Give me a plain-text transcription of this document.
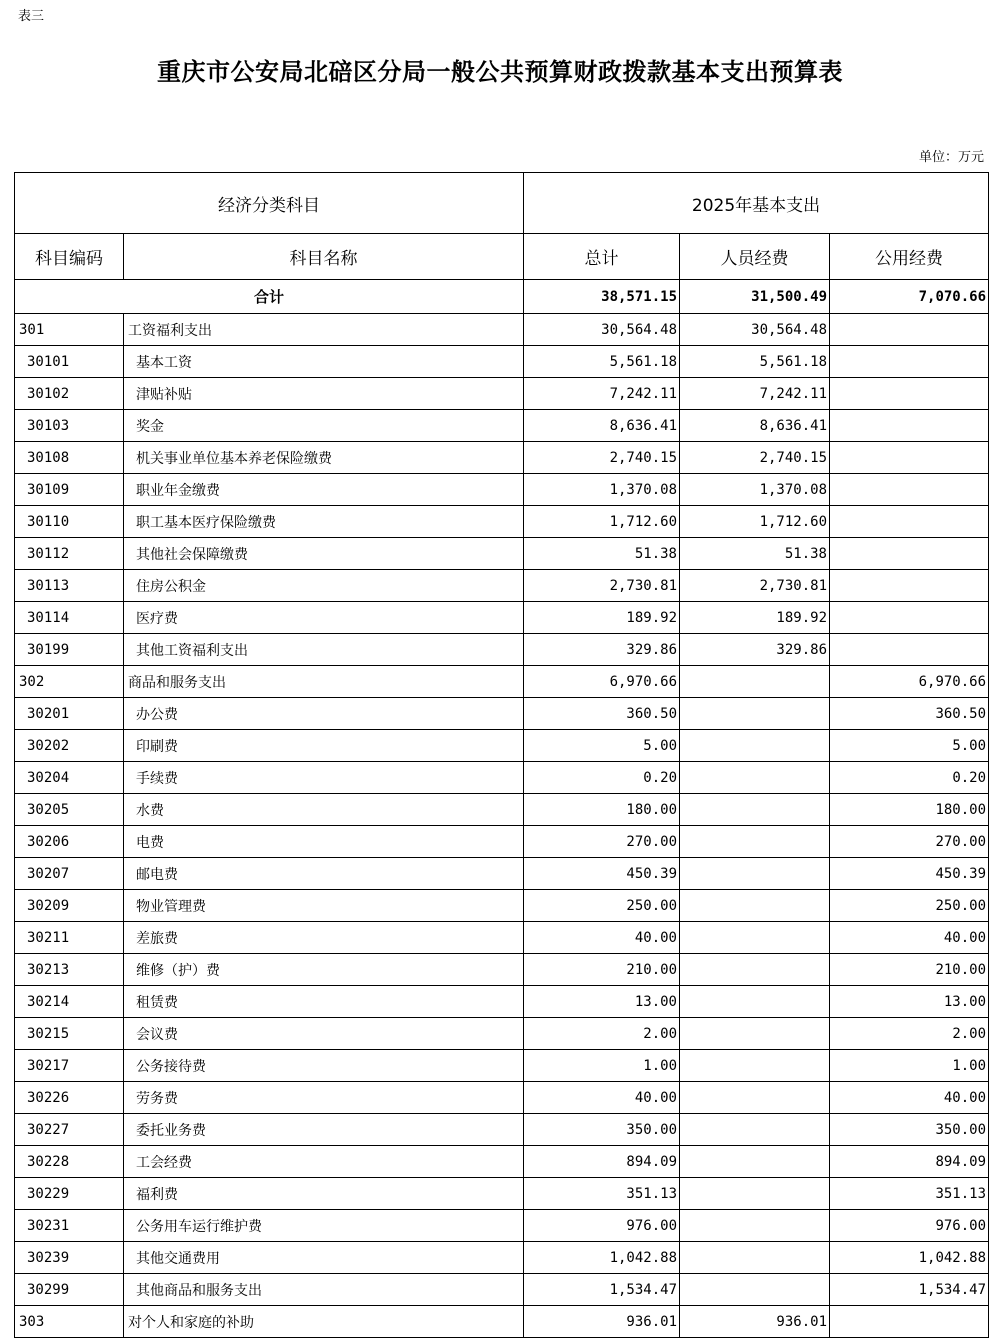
表三
重庆市公安局北碚区分局一般公共预算财政拨款基本支出预算表
单位：万元
经济分类科目		2025年基本支出		
科目编码	科目名称	总计	人员经费	公用经费
合计		38,571.15	31,500.49	7,070.66
301	工资福利支出	30,564.48	30,564.48	
30101	基本工资	5,561.18	5,561.18	
30102	津贴补贴	7,242.11	7,242.11	
30103	奖金	8,636.41	8,636.41	
30108	机关事业单位基本养老保险缴费	2,740.15	2,740.15	
30109	职业年金缴费	1,370.08	1,370.08	
30110	职工基本医疗保险缴费	1,712.60	1,712.60	
30112	其他社会保障缴费	51.38	51.38	
30113	住房公积金	2,730.81	2,730.81	
30114	医疗费	189.92	189.92	
30199	其他工资福利支出	329.86	329.86	
302	商品和服务支出	6,970.66		6,970.66
30201	办公费	360.50		360.50
30202	印刷费	5.00		5.00
30204	手续费	0.20		0.20
30205	水费	180.00		180.00
30206	电费	270.00		270.00
30207	邮电费	450.39		450.39
30209	物业管理费	250.00		250.00
30211	差旅费	40.00		40.00
30213	维修（护）费	210.00		210.00
30214	租赁费	13.00		13.00
30215	会议费	2.00		2.00
30217	公务接待费	1.00		1.00
30226	劳务费	40.00		40.00
30227	委托业务费	350.00		350.00
30228	工会经费	894.09		894.09
30229	福利费	351.13		351.13
30231	公务用车运行维护费	976.00		976.00
30239	其他交通费用	1,042.88		1,042.88
30299	其他商品和服务支出	1,534.47		1,534.47
303	对个人和家庭的补助	936.01	936.01	
